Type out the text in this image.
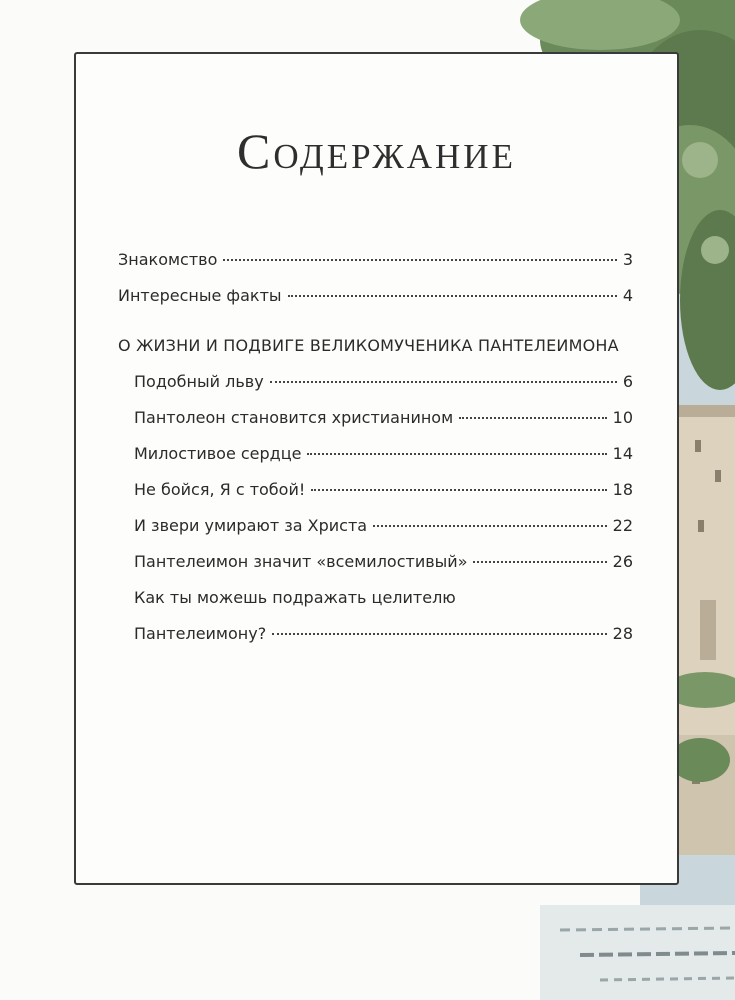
Содержание
Знакомство	3
Интересные факты	4
О ЖИЗНИ И ПОДВИГЕ ВЕЛИКОМУЧЕНИКА ПАНТЕЛЕИМОНА
Подобный льву	6
Пантолеон становится христианином	10
Милостивое сердце	14
Не бойся, Я с тобой!	18
И звери умирают за Христа	22
Пантелеимон значит «всемилостивый»	26
Как ты можешь подражать целителю
Пантелеимону?	28
